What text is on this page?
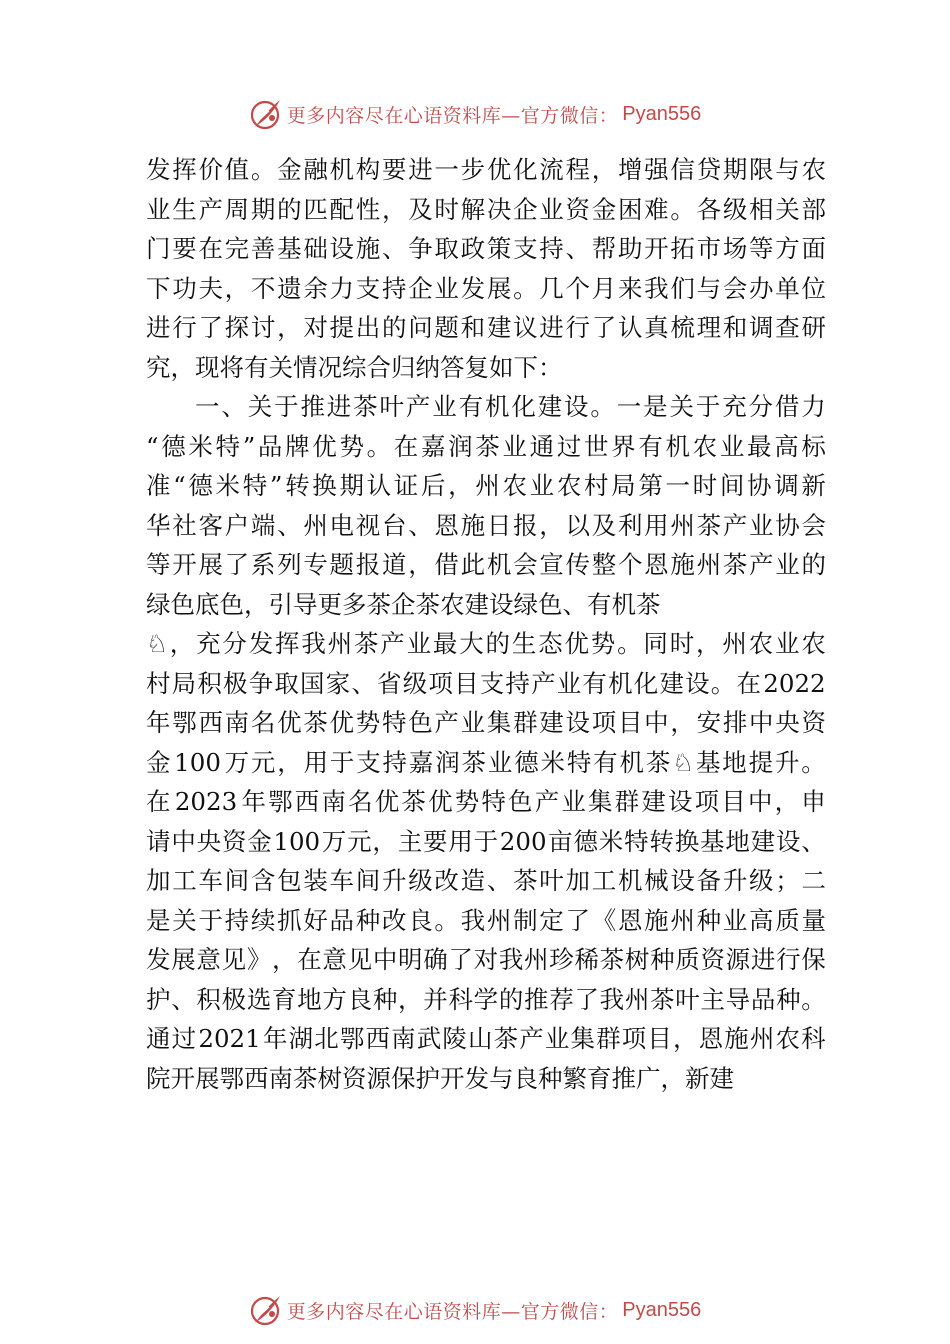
更多内容尽在心语资料库—官方微信： Pyan556
发 挥 价 值 。 金 融 机 构 要 进 一 步 优 化 流 程 ， 增 强 信 贷 期 限 与 农
业 生 产 周 期 的 匹 配 性 ， 及 时 解 决 企 业 资 金 困 难 。 各 级 相 关 部
门 要 在 完 善 基 础 设 施 、 争 取 政 策 支 持 、 帮 助 开 拓 市 场 等 方 面
下 功 夫 ， 不 遗 余 力 支 持 企 业 发 展 。 几 个 月 来 我 们 与 会 办 单 位
进 行 了 探 讨 ， 对 提 出 的 问 题 和 建 议 进 行 了 认 真 梳 理 和 调 查 研
究，现将有关情况综合归纳答复如下：
一 、 关 于 推 进 茶 叶 产 业 有 机 化 建 设 。 一 是 关 于 充 分 借 力
“ 德 米 特 ” 品 牌 优 势 。 在 嘉 润 茶 业 通 过 世 界 有 机 农 业 最 高 标
准 “ 德 米 特 ” 转 换 期 认 证 后 ， 州 农 业 农 村 局 第 一 时 间 协 调 新
华 社 客 户 端 、 州 电 视 台 、 恩 施 日 报 ， 以 及 利 用 州 茶 产 业 协 会
等 开 展 了 系 列 专 题 报 道 ， 借 此 机 会 宣 传 整 个 恩 施 州 茶 产 业 的
绿色底色，引导更多茶企茶农建设绿色、有机茶
♘ ， 充 分 发 挥 我 州 茶 产 业 最 大 的 生 态 优 势 。 同 时 ， 州 农 业 农
村 局 积 极 争 取 国 家 、 省 级 项 目 支 持 产 业 有 机 化 建 设 。 在 2022
年 鄂 西 南 名 优 茶 优 势 特 色 产 业 集 群 建 设 项 目 中 ， 安 排 中 央 资
金 100 万 元 ， 用 于 支 持 嘉 润 茶 业 德 米 特 有 机 茶 ♘ 基 地 提 升 。
在 2023 年 鄂 西 南 名 优 茶 优 势 特 色 产 业 集 群 建 设 项 目 中 ， 申
请 中 央 资 金 100 万 元 ， 主 要 用 于 200 亩 德 米 特 转 换 基 地 建 设 、
加 工 车 间 含 包 装 车 间 升 级 改 造 、 茶 叶 加 工 机 械 设 备 升 级 ； 二
是 关 于 持 续 抓 好 品 种 改 良 。 我 州 制 定 了 《 恩 施 州 种 业 高 质 量
发 展 意 见 》 ， 在 意 见 中 明 确 了 对 我 州 珍 稀 茶 树 种 质 资 源 进 行 保
护 、 积 极 选 育 地 方 良 种 ， 并 科 学 的 推 荐 了 我 州 茶 叶 主 导 品 种 。
通 过 2021 年 湖 北 鄂 西 南 武 陵 山 茶 产 业 集 群 项 目 ， 恩 施 州 农 科
院开展鄂西南茶树资源保护开发与良种繁育推广，新建
更多内容尽在心语资料库—官方微信： Pyan556
